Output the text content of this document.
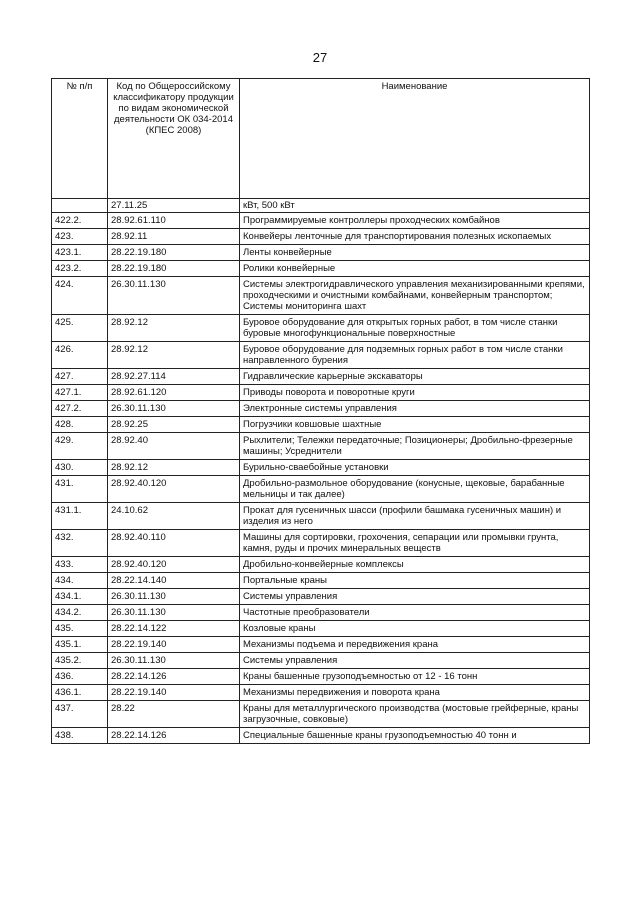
27
№ п/п	Код по Общероссийскому классификатору продукции по видам экономической деятельности ОК 034-2014 (КПЕС 2008)	Наименование
	27.11.25	кВт, 500 кВт
422.2.	28.92.61.110	Программируемые контроллеры проходческих комбайнов
423.	28.92.11	Конвейеры ленточные для транспортирования полезных ископаемых
423.1.	28.22.19.180	Ленты конвейерные
423.2.	28.22.19.180	Ролики конвейерные
424.	26.30.11.130	Системы электрогидравлического управления механизированными крепями, проходческими и очистными комбайнами, конвейерным транспортом; Системы мониторинга шахт
425.	28.92.12	Буровое оборудование для открытых горных работ, в том числе станки буровые многофункциональные поверхностные
426.	28.92.12	Буровое оборудование для подземных горных работ в том числе станки направленного бурения
427.	28.92.27.114	Гидравлические карьерные экскаваторы
427.1.	28.92.61.120	Приводы поворота и поворотные круги
427.2.	26.30.11.130	Электронные системы управления
428.	28.92.25	Погрузчики ковшовые шахтные
429.	28.92.40	Рыхлители; Тележки передаточные; Позиционеры; Дробильно-фрезерные машины; Усреднители
430.	28.92.12	Бурильно-сваебойные установки
431.	28.92.40.120	Дробильно-размольное оборудование (конусные, щековые, барабанные мельницы и так далее)
431.1.	24.10.62	Прокат для гусеничных шасси (профили башмака гусеничных машин) и изделия из него
432.	28.92.40.110	Машины для сортировки, грохочения, сепарации или промывки грунта, камня, руды и прочих минеральных веществ
433.	28.92.40.120	Дробильно-конвейерные комплексы
434.	28.22.14.140	Портальные краны
434.1.	26.30.11.130	Системы управления
434.2.	26.30.11.130	Частотные преобразователи
435.	28.22.14.122	Козловые краны
435.1.	28.22.19.140	Механизмы подъема и передвижения крана
435.2.	26.30.11.130	Системы управления
436.	28.22.14.126	Краны башенные грузоподъемностью от 12 - 16 тонн
436.1.	28.22.19.140	Механизмы передвижения и поворота крана
437.	28.22	Краны для металлургического производства (мостовые грейферные, краны загрузочные, совковые)
438.	28.22.14.126	Специальные башенные краны грузоподъемностью 40 тонн и
